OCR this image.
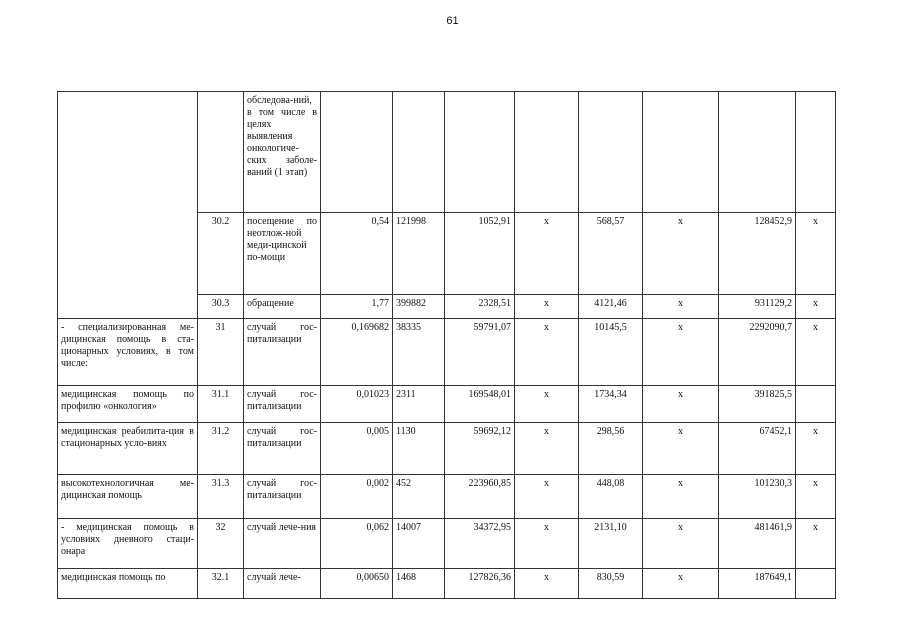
61
		обследова-ний, в том числе в целях выявления онкологиче-ских заболе-ваний (1 этап)								
	30.2	посещение по неотлож-ной меди-цинской по-мощи	0,54	121998	1052,91	х	568,57	х	128452,9	х
	30.3	обращение	1,77	399882	2328,51	х	4121,46	х	931129,2	х
- специализированная ме-дицинская помощь в ста-ционарных условиях, в том числе:	31	случай гос-питализации	0,169682	38335	59791,07	х	10145,5	х	2292090,7	х
медицинская помощь по профилю «онкология»	31.1	случай гос-питализации	0,01023	2311	169548,01	х	1734,34	х	391825,5	
медицинская реабилита-ция в стационарных усло-виях	31.2	случай гос-питализации	0,005	1130	59692,12	х	298,56	х	67452,1	х
высокотехнологичная ме-дицинская помощь	31.3	случай гос-питализации	0,002	452	223960,85	х	448,08	х	101230,3	х
- медицинская помощь в условиях дневного стаци-онара	32	случай лече-ния	0,062	14007	34372,95	х	2131,10	х	481461,9	х
медицинская помощь по	32.1	случай лече-	0,00650	1468	127826,36	х	830,59	х	187649,1	
